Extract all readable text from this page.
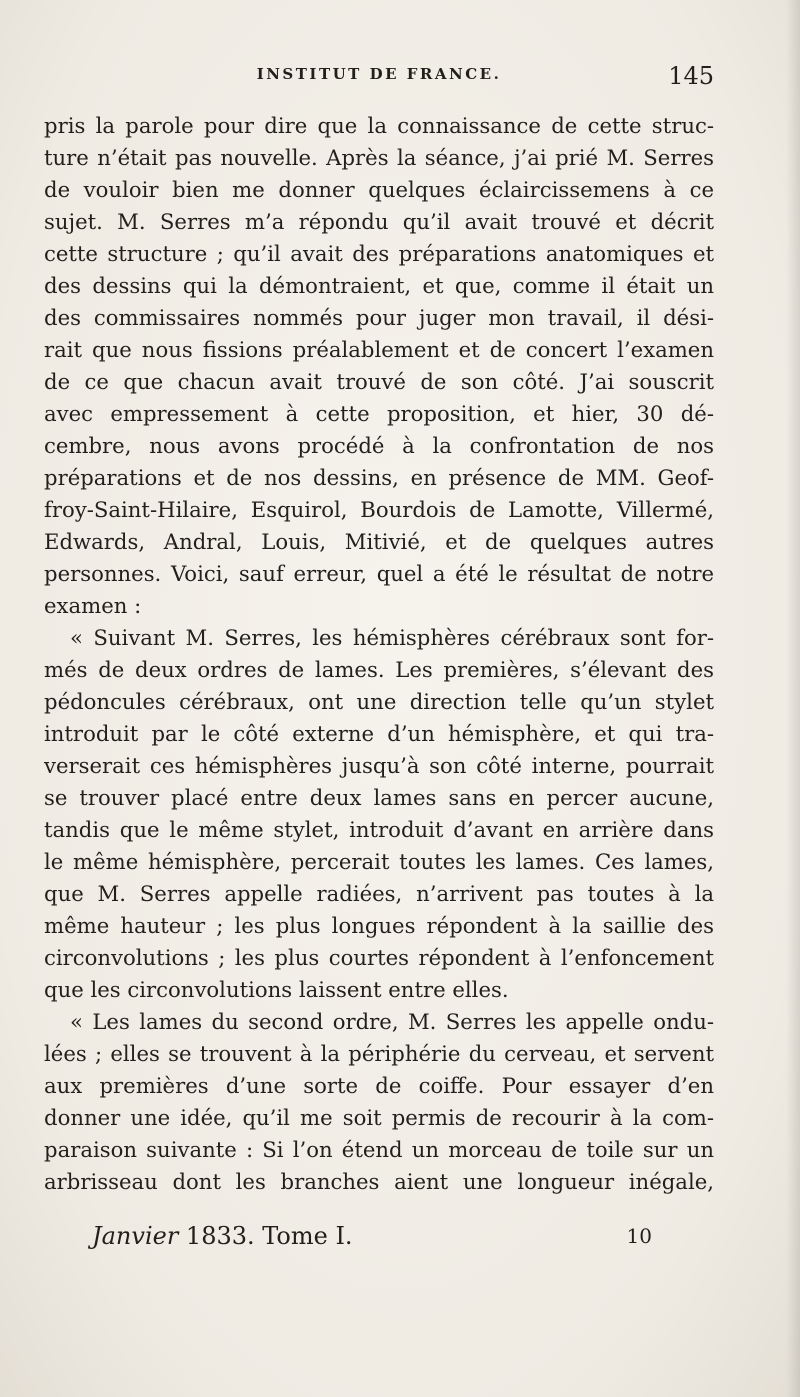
INSTITUT DE FRANCE.	145
pris la parole pour dire que la connaissance de cette struc-
ture n’était pas nouvelle. Après la séance, j’ai prié M. Serres
de vouloir bien me donner quelques éclaircissemens à ce
sujet. M. Serres m’a répondu qu’il avait trouvé et décrit
cette structure ; qu’il avait des préparations anatomiques et
des dessins qui la démontraient, et que, comme il était un
des commissaires nommés pour juger mon travail, il dési-
rait que nous fissions préalablement et de concert l’examen
de ce que chacun avait trouvé de son côté. J’ai souscrit
avec empressement à cette proposition, et hier, 30 dé-
cembre, nous avons procédé à la confrontation de nos
préparations et de nos dessins, en présence de MM. Geof-
froy-Saint-Hilaire, Esquirol, Bourdois de Lamotte, Villermé,
Edwards, Andral, Louis, Mitivié, et de quelques autres
personnes. Voici, sauf erreur, quel a été le résultat de notre
examen :
« Suivant M. Serres, les hémisphères cérébraux sont for-
més de deux ordres de lames. Les premières, s’élevant des
pédoncules cérébraux, ont une direction telle qu’un stylet
introduit par le côté externe d’un hémisphère, et qui tra-
verserait ces hémisphères jusqu’à son côté interne, pourrait
se trouver placé entre deux lames sans en percer aucune,
tandis que le même stylet, introduit d’avant en arrière dans
le même hémisphère, percerait toutes les lames. Ces lames,
que M. Serres appelle radiées, n’arrivent pas toutes à la
même hauteur ; les plus longues répondent à la saillie des
circonvolutions ; les plus courtes répondent à l’enfoncement
que les circonvolutions laissent entre elles.
« Les lames du second ordre, M. Serres les appelle ondu-
lées ; elles se trouvent à la périphérie du cerveau, et servent
aux premières d’une sorte de coiffe. Pour essayer d’en
donner une idée, qu’il me soit permis de recourir à la com-
paraison suivante : Si l’on étend un morceau de toile sur un
arbrisseau dont les branches aient une longueur inégale,
Janvier 1833. Tome I.	10
